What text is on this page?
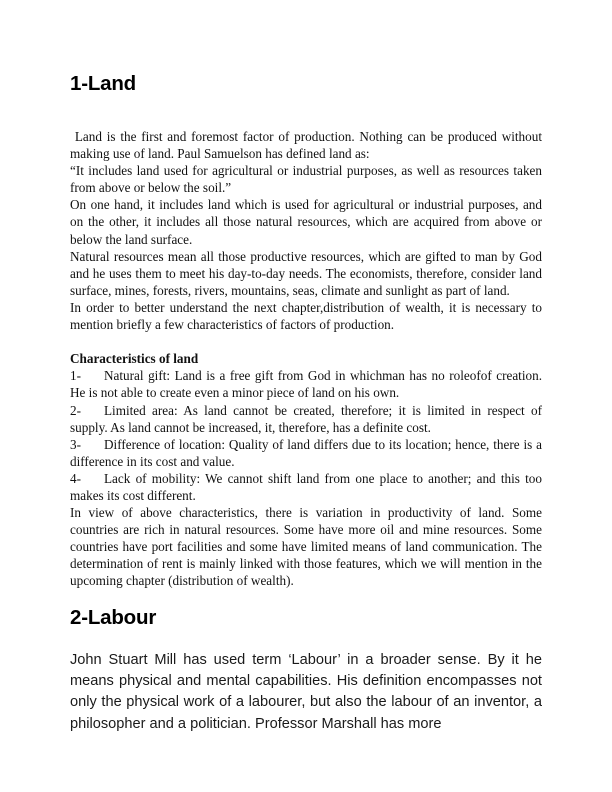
1-Land

Land is the first and foremost factor of production. Nothing can be produced without making use of land. Paul Samuelson has defined land as:

“It includes land used for agricultural or industrial purposes, as well as resources taken from above or below the soil.”

On one hand, it includes land which is used for agricultural or industrial purposes, and on the other, it includes all those natural resources, which are acquired from above or below the land surface.

Natural resources mean all those productive resources, which are gifted to man by God and he uses them to meet his day-to-day needs. The economists, therefore, consider land surface, mines, forests, rivers, mountains, seas, climate and sunlight as part of land.

In order to better understand the next chapter,distribution of wealth, it is necessary to mention briefly a few characteristics of factors of production.

Characteristics of land

1- Natural gift: Land is a free gift from God in whichman has no roleofof creation. He is not able to create even a minor piece of land on his own.

2- Limited area: As land cannot be created, therefore; it is limited in respect of supply. As land cannot be increased, it, therefore, has a definite cost.

3- Difference of location: Quality of land differs due to its location; hence, there is a difference in its cost and value.

4- Lack of mobility: We cannot shift land from one place to another; and this too makes its cost different.

In view of above characteristics, there is variation in productivity of land. Some countries are rich in natural resources. Some have more oil and mine resources. Some countries have port facilities and some have limited means of land communication. The determination of rent is mainly linked with those features, which we will mention in the upcoming chapter (distribution of wealth).

2-Labour

John Stuart Mill has used term ‘Labour’ in a broader sense. By it he means physical and mental capabilities. His definition encompasses not only the physical work of a labourer, but also the labour of an inventor, a philosopher and a politician. Professor Marshall has more
